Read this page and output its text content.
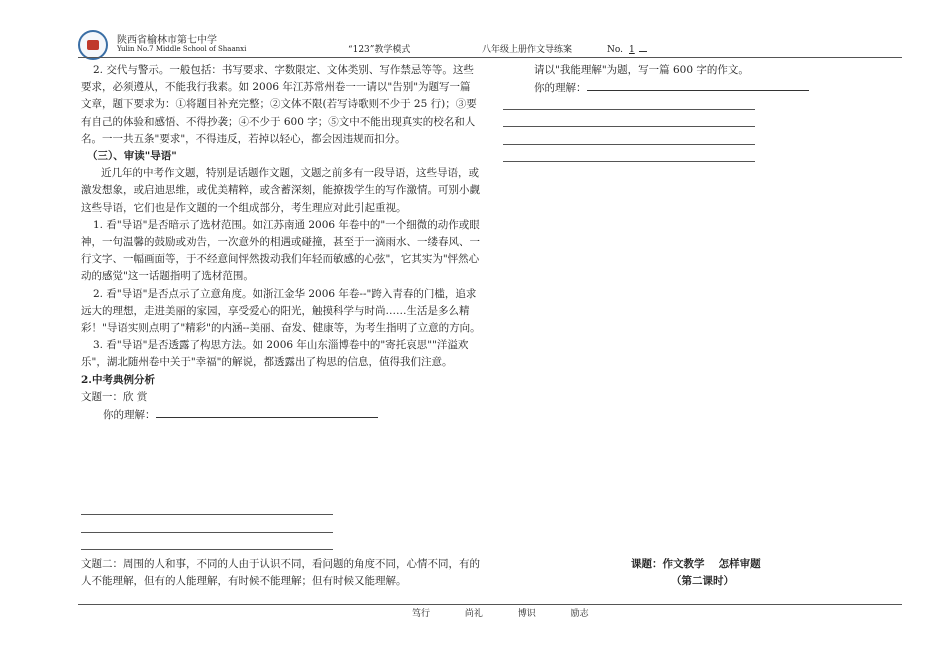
陕西省榆林市第七中学
Yulin No.7 Middle School of Shaanxi	“123”教学模式	八年级上册作文导练案	No. 1

2. 交代与警示。一般包括：书写要求、字数限定、文体类别、写作禁忌等等。这些要求，必须遵从，不能我行我素。如 2006 年江苏常州卷一一请以"告别"为题写一篇文章，题下要求为：①将题目补充完整；②文体不限(若写诗歌则不少于 25 行)；③要有自己的体验和感悟、不得抄袭；④不少于 600 字；⑤文中不能出现真实的校名和人名。一一共五条"要求"，不得违反，若掉以轻心，都会因违规而扣分。

（三）、审读"导语"

近几年的中考作文题，特别是话题作文题，文题之前多有一段导语，这些导语，或激发想象，或启迪思维，或优美精粹，或含蓄深刻，能撩拨学生的写作激情。可别小觑这些导语，它们也是作文题的一个组成部分，考生理应对此引起重视。

1. 看"导语"是否暗示了选材范围。如江苏南通 2006 年卷中的"一个细微的动作或眼神，一句温馨的鼓励或劝告，一次意外的相遇或碰撞，甚至于一滴雨水、一缕春风、一行文字、一幅画面等，于不经意间怦然拨动我们年轻而敏感的心弦"，它其实为"怦然心动的感觉"这一话题指明了选材范围。

2. 看"导语"是否点示了立意角度。如浙江金华 2006 年卷--"跨入青春的门槛，追求远大的理想，走进美丽的家园，享受爱心的阳光，触摸科学与时尚……生活是多么精彩！"导语实则点明了"精彩"的内涵--美丽、奋发、健康等，为考生指明了立意的方向。

3. 看"导语"是否透露了构思方法。如 2006 年山东淄博卷中的"寄托哀思""洋溢欢乐"，湖北随州卷中关于"幸福"的解说，都透露出了构思的信息，值得我们注意。

2.中考典例分析

文题一：欣 赏

你的理解：

文题二：周围的人和事，不同的人由于认识不同，看问题的角度不同，心情不同，有的人不能理解，但有的人能理解，有时候不能理解；但有时候又能理解。
请以"我能理解"为题，写一篇 600 字的作文。
你的理解：
课题：作文教学　 怎样审题
（第二课时）
笃行	尚礼	博识	励志
